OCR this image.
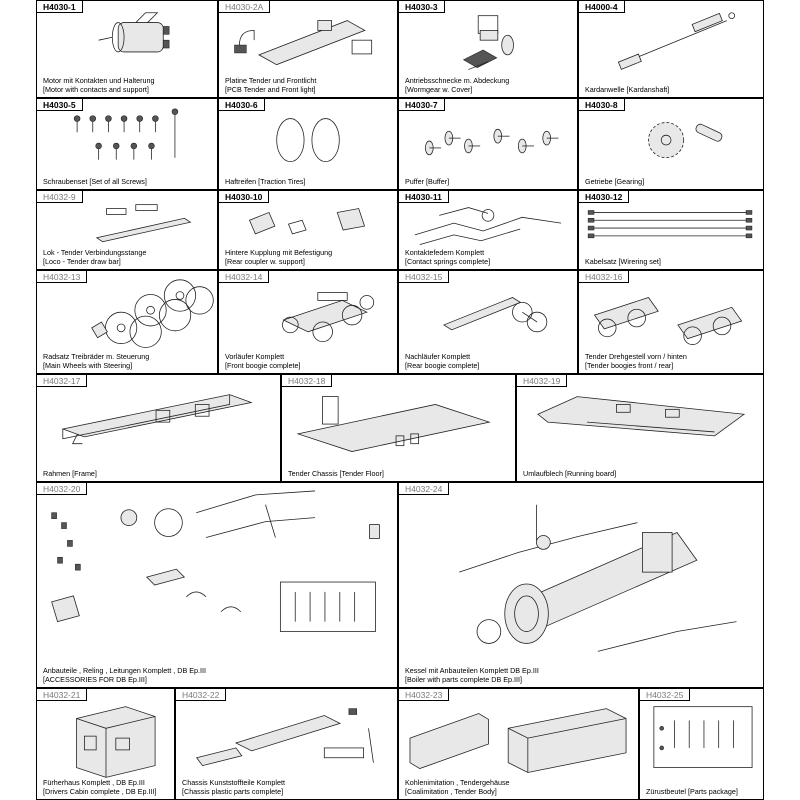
H4030-1
Motor mit Kontakten und Halterung
[Motor with contacts and support]
H4030-2A
Platine Tender und Frontlicht
[PCB Tender and Front light]
H4030-3
Antriebsschnecke m. Abdeckung
[Wormgear w. Cover]
H4000-4
Kardanwelle [Kardanshaft]
H4030-5
Schraubenset [Set of all Screws]
H4030-6
Haftreifen [Traction Tires]
H4030-7
Puffer [Buffer]
H4030-8
Getriebe [Gearing]
H4032-9
Lok - Tender Verbindungsstange
[Loco - Tender draw bar]
H4030-10
Hintere Kupplung mit Befestigung
[Rear coupler w. support]
H4030-11
Kontaktefedern Komplett
[Contact springs complete]
H4030-12
Kabelsatz [Wirering set]
H4032-13
Radsatz Treibräder m. Steuerung
[Main Wheels with Steering]
H4032-14
Vorläufer Komplett
[Front boogie complete]
H4032-15
Nachläufer Komplett
[Rear boogie complete]
H4032-16
Tender Drehgestell vorn / hinten
[Tender boogies front / rear]
H4032-17
Rahmen [Frame]
H4032-18
Tender Chassis [Tender Floor]
H4032-19
Umlaufblech [Running board]
H4032-20
Anbauteile , Reling , Leitungen Komplett , DB Ep.III
[ACCESSORIES FOR DB Ep.III]
H4032-24
Kessel mit Anbauteilen Komplett DB Ep.III
[Boiler with parts complete DB Ep.III]
H4032-21
Fürherhaus Komplett , DB Ep.III
[Drivers Cabin complete , DB Ep.III]
H4032-22
Chassis Kunststoffteile Komplett
[Chassis plastic parts complete]
H4032-23
Kohlenimitation , Tendergehäuse
[Coalimitation , Tender Body]
H4032-25
Zürustbeutel [Parts package]
